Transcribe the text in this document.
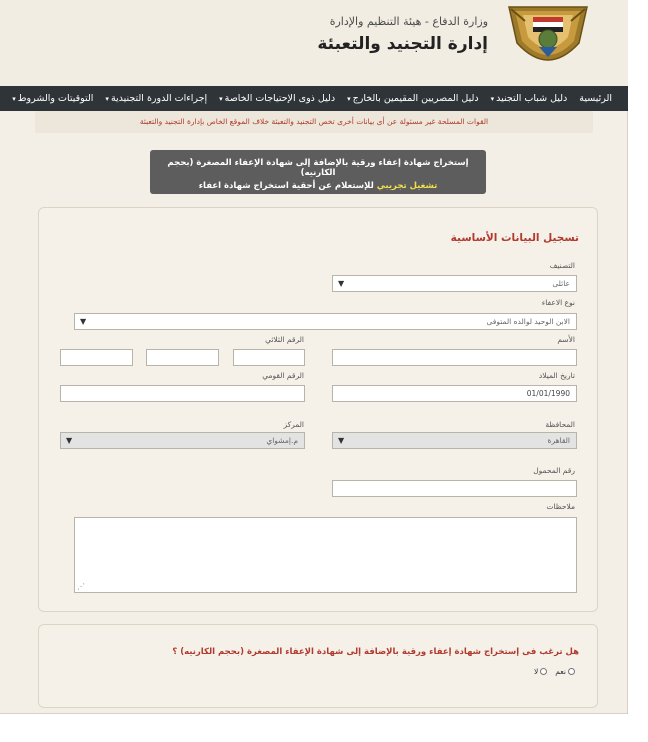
وزارة الدفاع - هيئة التنظيم والإدارة
إدارة التجنيد والتعبئة
الرئيسية
دليل شباب التجنيد▾
دليل المصريين المقيمين بالخارج▾
دليل ذوى الإحتياجات الخاصة▾
إجراءات الدورة التجنيدية▾
التوقيتات والشروط▾
القوات المسلحة غير مسئولة عن أى بيانات أخرى تخص التجنيد والتعبئة خلاف الموقع الخاص بإدارة التجنيد والتعبئة
إستخراج شهادة إعفاء ورقية بالإضافة إلى شهادة الإعفاء المصغرة (بحجم الكارنيه)
تشغيل تجريبي للإستعلام عن أحقية استخراج شهادة اعفاء
تسجيل البيانات الأساسية
التصنيف
عائلى
▼
نوع الاعفاء
الابن الوحيد لوالده المتوفى
▼
الأسم
الرقم الثلاثي
تاريخ الميلاد
01/01/1990
الرقم القومي
المحافظة
القاهرة
▼
المركز
م.إمشواي
▼
رقم المحمول
ملاحظات
⋰
هل ترغب فى إستخراج شهادة إعفاء ورقية بالإضافة إلى شهادة الإعفاء المصغرة (بحجم الكارنيه) ؟
نعم
لا
